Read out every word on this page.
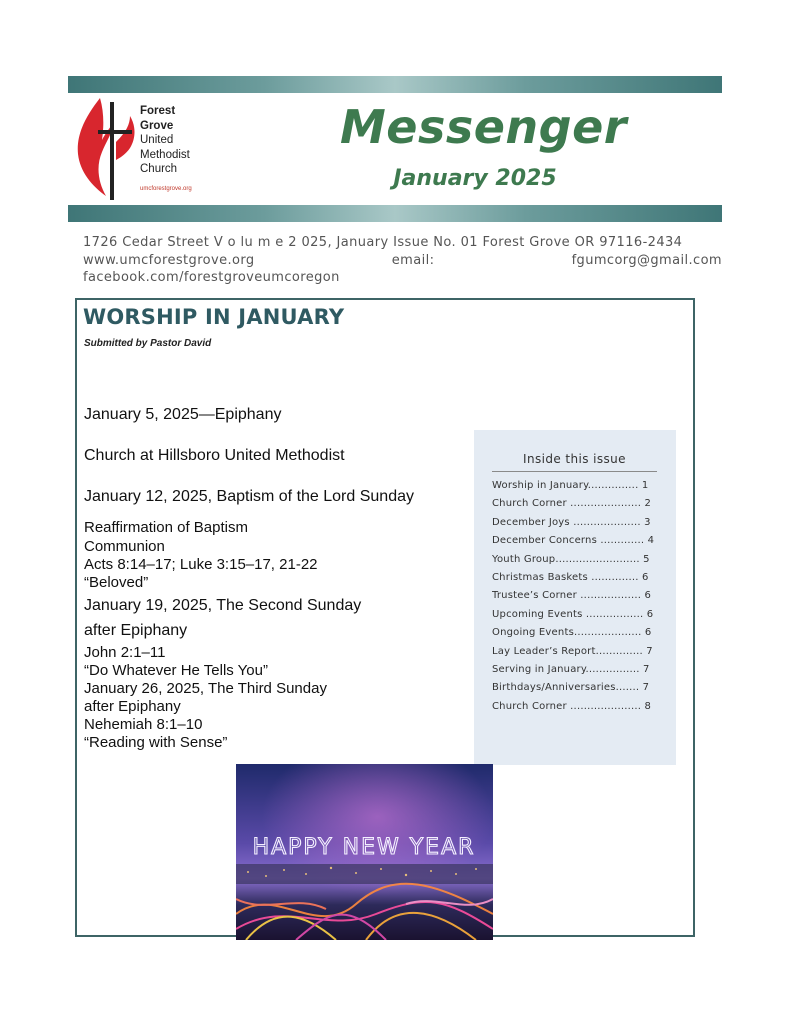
Forest
Grove
United
Methodist
Church
umcforestgrove.org
Messenger
January 2025
1726 Cedar Street V o lu m e 2 025, January Issue No. 01 Forest Grove OR 97116-2434
www.umcforestgrove.org	email:	fgumcorg@gmail.com
facebook.com/forestgroveumcoregon
WORSHIP IN JANUARY
Submitted by Pastor David
January 5, 2025—Epiphany
Church at Hillsboro United Methodist
January 12, 2025, Baptism of the Lord Sunday
Reaffirmation of Baptism
Communion
Acts 8:14–17; Luke 3:15–17, 21-22
“Beloved”
January 19, 2025, The Second Sunday
after Epiphany
John 2:1–11
“Do Whatever He Tells You”
January 26, 2025, The Third Sunday
after Epiphany
Nehemiah 8:1–10
“Reading with Sense”
Inside this issue
Worship in January............... 1
Church Corner ..................... 2
December Joys .................... 3
December Concerns ............. 4
Youth Group......................... 5
Christmas Baskets .............. 6
Trustee’s Corner .................. 6
Upcoming Events ................. 6
Ongoing Events.................... 6
Lay Leader’s Report.............. 7
Serving in January................ 7
Birthdays/Anniversaries....... 7
Church Corner ..................... 8
HAPPY NEW YEAR
